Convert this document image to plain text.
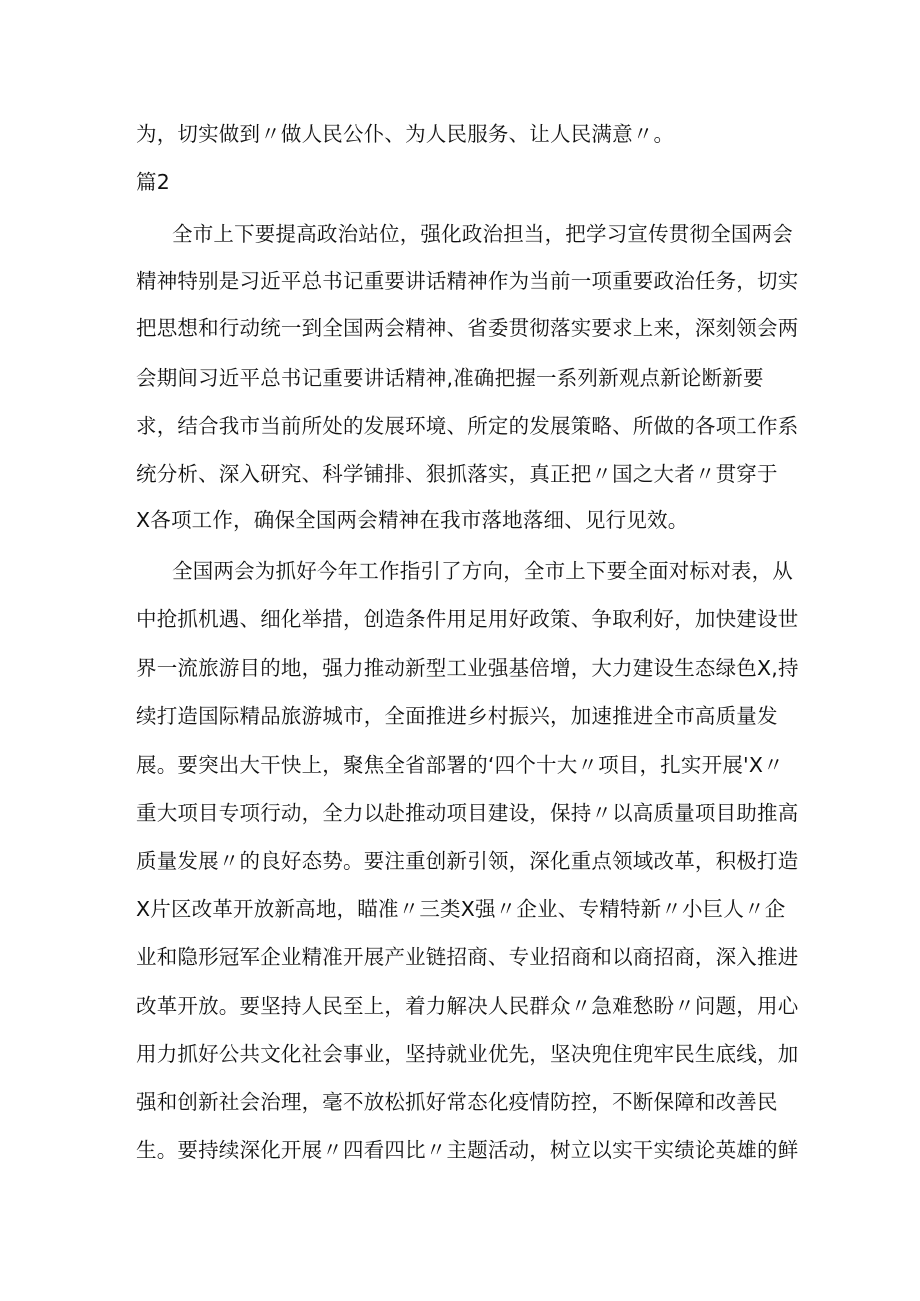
为，切实做到〃做人民公仆、为人民服务、让人民满意〃。
篇2
全市上下要提高政治站位，强化政治担当，把学习宣传贯彻全国两会
精神特别是习近平总书记重要讲话精神作为当前一项重要政治任务，切实
把思想和行动统一到全国两会精神、省委贯彻落实要求上来，深刻领会两
会期间习近平总书记重要讲话精神,准确把握一系列新观点新论断新要
求，结合我市当前所处的发展环境、所定的发展策略、所做的各项工作系
统分析、深入研究、科学铺排、狠抓落实，真正把〃国之大者〃贯穿于
X各项工作，确保全国两会精神在我市落地落细、见行见效。
全国两会为抓好今年工作指引了方向，全市上下要全面对标对表，从
中抢抓机遇、细化举措，创造条件用足用好政策、争取利好，加快建设世
界一流旅游目的地，强力推动新型工业强基倍增，大力建设生态绿色X,持
续打造国际精品旅游城市，全面推进乡村振兴，加速推进全市高质量发
展。要突出大干快上，聚焦全省部署的‘四个十大〃项目，扎实开展'X〃
重大项目专项行动，全力以赴推动项目建设，保持〃以高质量项目助推高
质量发展〃的良好态势。要注重创新引领，深化重点领域改革，积极打造
X片区改革开放新高地，瞄准〃三类X强〃企业、专精特新〃小巨人〃企
业和隐形冠军企业精准开展产业链招商、专业招商和以商招商，深入推进
改革开放。要坚持人民至上，着力解决人民群众〃急难愁盼〃问题，用心
用力抓好公共文化社会事业，坚持就业优先，坚决兜住兜牢民生底线，加
强和创新社会治理，毫不放松抓好常态化疫情防控，不断保障和改善民
生。要持续深化开展〃四看四比〃主题活动，树立以实干实绩论英雄的鲜
